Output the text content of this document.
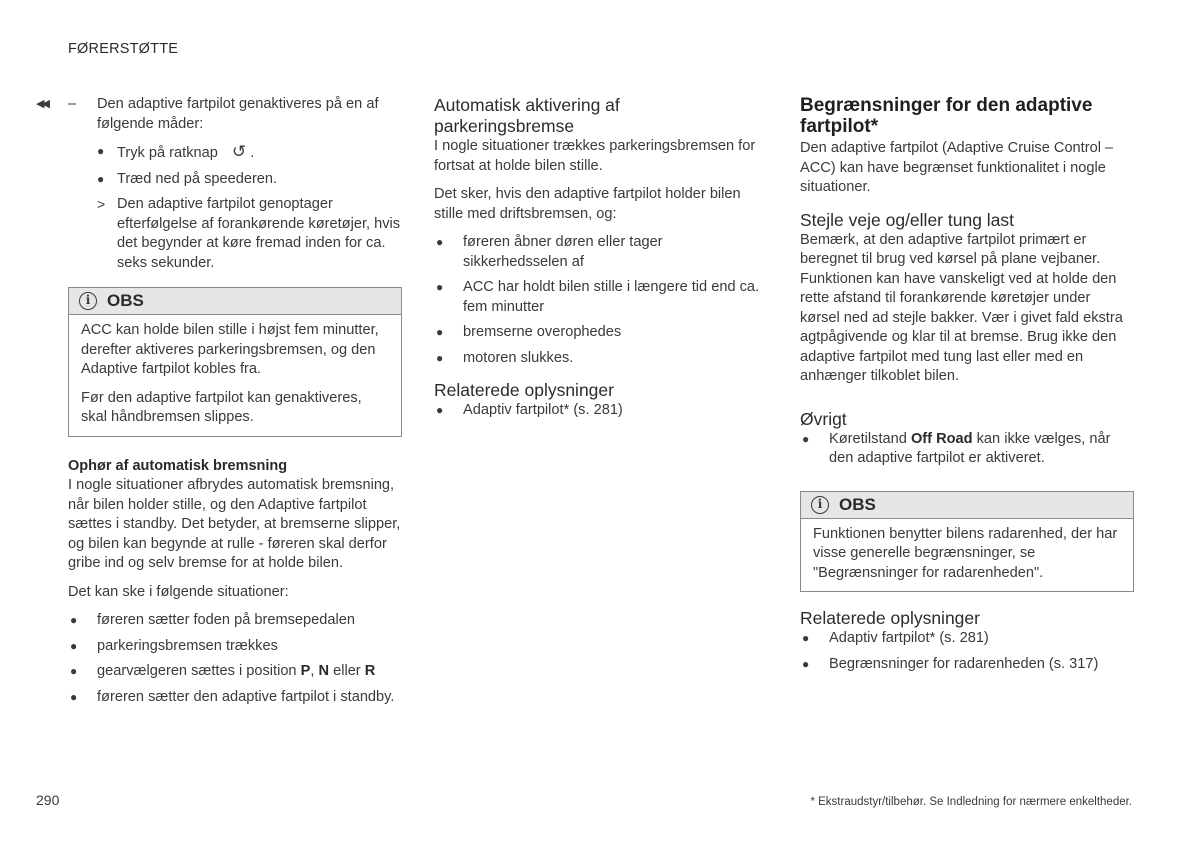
FØRERSTØTTE
◀◀ – Den adaptive fartpilot genaktiveres på en af følgende måder:

● Tryk på ratknap ↺ .
● Træd ned på speederen.
> Den adaptive fartpilot genoptager efterfølgelse af forankørende køretøjer, hvis det begynder at køre fremad inden for ca. seks sekunder.
i OBS

ACC kan holde bilen stille i højst fem minutter, derefter aktiveres parkeringsbremsen, og den Adaptive fartpilot kobles fra.

Før den adaptive fartpilot kan genaktiveres, skal håndbremsen slippes.

Ophør af automatisk bremsning

I nogle situationer afbrydes automatisk bremsning, når bilen holder stille, og den Adaptive fartpilot sættes i standby. Det betyder, at bremserne slipper, og bilen kan begynde at rulle - føreren skal derfor gribe ind og selv bremse for at holde bilen.

Det kan ske i følgende situationer:

● føreren sætter foden på bremsepedalen
● parkeringsbremsen trækkes
● gearvælgeren sættes i position P, N eller R
● føreren sætter den adaptive fartpilot i standby.

Automatisk aktivering af parkeringsbremse

I nogle situationer trækkes parkeringsbremsen for fortsat at holde bilen stille.

Det sker, hvis den adaptive fartpilot holder bilen stille med driftsbremsen, og:

● føreren åbner døren eller tager sikkerhedsselen af
● ACC har holdt bilen stille i længere tid end ca. fem minutter
● bremserne overophedes
● motoren slukkes.

Relaterede oplysninger

● Adaptiv fartpilot* (s. 281)

Begrænsninger for den adaptive fartpilot*

Den adaptive fartpilot (Adaptive Cruise Control – ACC) kan have begrænset funktionalitet i nogle situationer.

Stejle veje og/eller tung last

Bemærk, at den adaptive fartpilot primært er beregnet til brug ved kørsel på plane vejbaner. Funktionen kan have vanskeligt ved at holde den rette afstand til forankørende køretøjer under kørsel ned ad stejle bakker. Vær i givet fald ekstra agtpågivende og klar til at bremse. Brug ikke den adaptive fartpilot med tung last eller med en anhænger tilkoblet bilen.

Øvrigt

● Køretilstand Off Road kan ikke vælges, når den adaptive fartpilot er aktiveret.
i OBS

Funktionen benytter bilens radarenhed, der har visse generelle begrænsninger, se "Begrænsninger for radarenheden".

Relaterede oplysninger

● Adaptiv fartpilot* (s. 281)
● Begrænsninger for radarenheden (s. 317)
290	* Ekstraudstyr/tilbehør. Se Indledning for nærmere enkeltheder.
